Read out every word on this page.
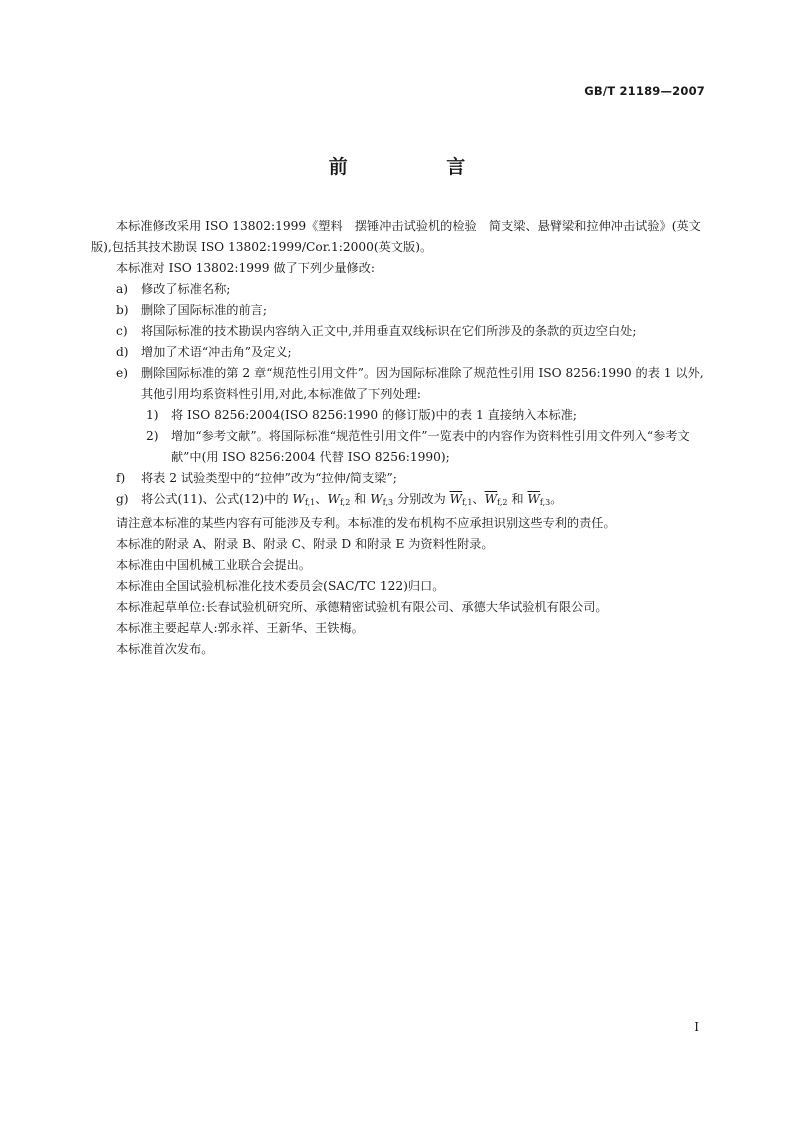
GB/T 21189—2007
前 言

本标准修改采用 ISO 13802:1999《塑料　摆锤冲击试验机的检验　简支梁、悬臂梁和拉伸冲击试验》(英文版),包括其技术勘误 ISO 13802:1999/Cor.1:2000(英文版)。

本标准对 ISO 13802:1999 做了下列少量修改:

a)	修改了标准名称;
b)	删除了国际标准的前言;
c)	将国际标准的技术勘误内容纳入正文中,并用垂直双线标识在它们所涉及的条款的页边空白处;
d)	增加了术语“冲击角”及定义;
e)	删除国际标准的第 2 章“规范性引用文件”。因为国际标准除了规范性引用 ISO 8256:1990 的表 1 以外,其他引用均系资料性引用,对此,本标准做了下列处理:
1)	将 ISO 8256:2004(ISO 8256:1990 的修订版)中的表 1 直接纳入本标准;
2)	增加“参考文献”。将国际标准“规范性引用文件”一览表中的内容作为资料性引用文件列入“参考文献”中(用 ISO 8256:2004 代替 ISO 8256:1990);
f)	将表 2 试验类型中的“拉伸”改为“拉伸/简支梁”;
g)	将公式(11)、公式(12)中的 Wf,1、Wf,2 和 Wf,3 分别改为 $\overline{W}f,1$、$\overline{W}f,2$ 和 $\overline{W}f,3$。

请注意本标准的某些内容有可能涉及专利。本标准的发布机构不应承担识别这些专利的责任。

本标准的附录 A、附录 B、附录 C、附录 D 和附录 E 为资料性附录。

本标准由中国机械工业联合会提出。

本标准由全国试验机标准化技术委员会(SAC/TC 122)归口。

本标准起草单位:长春试验机研究所、承德精密试验机有限公司、承德大华试验机有限公司。

本标准主要起草人:郭永祥、王新华、王铁梅。

本标准首次发布。

I
